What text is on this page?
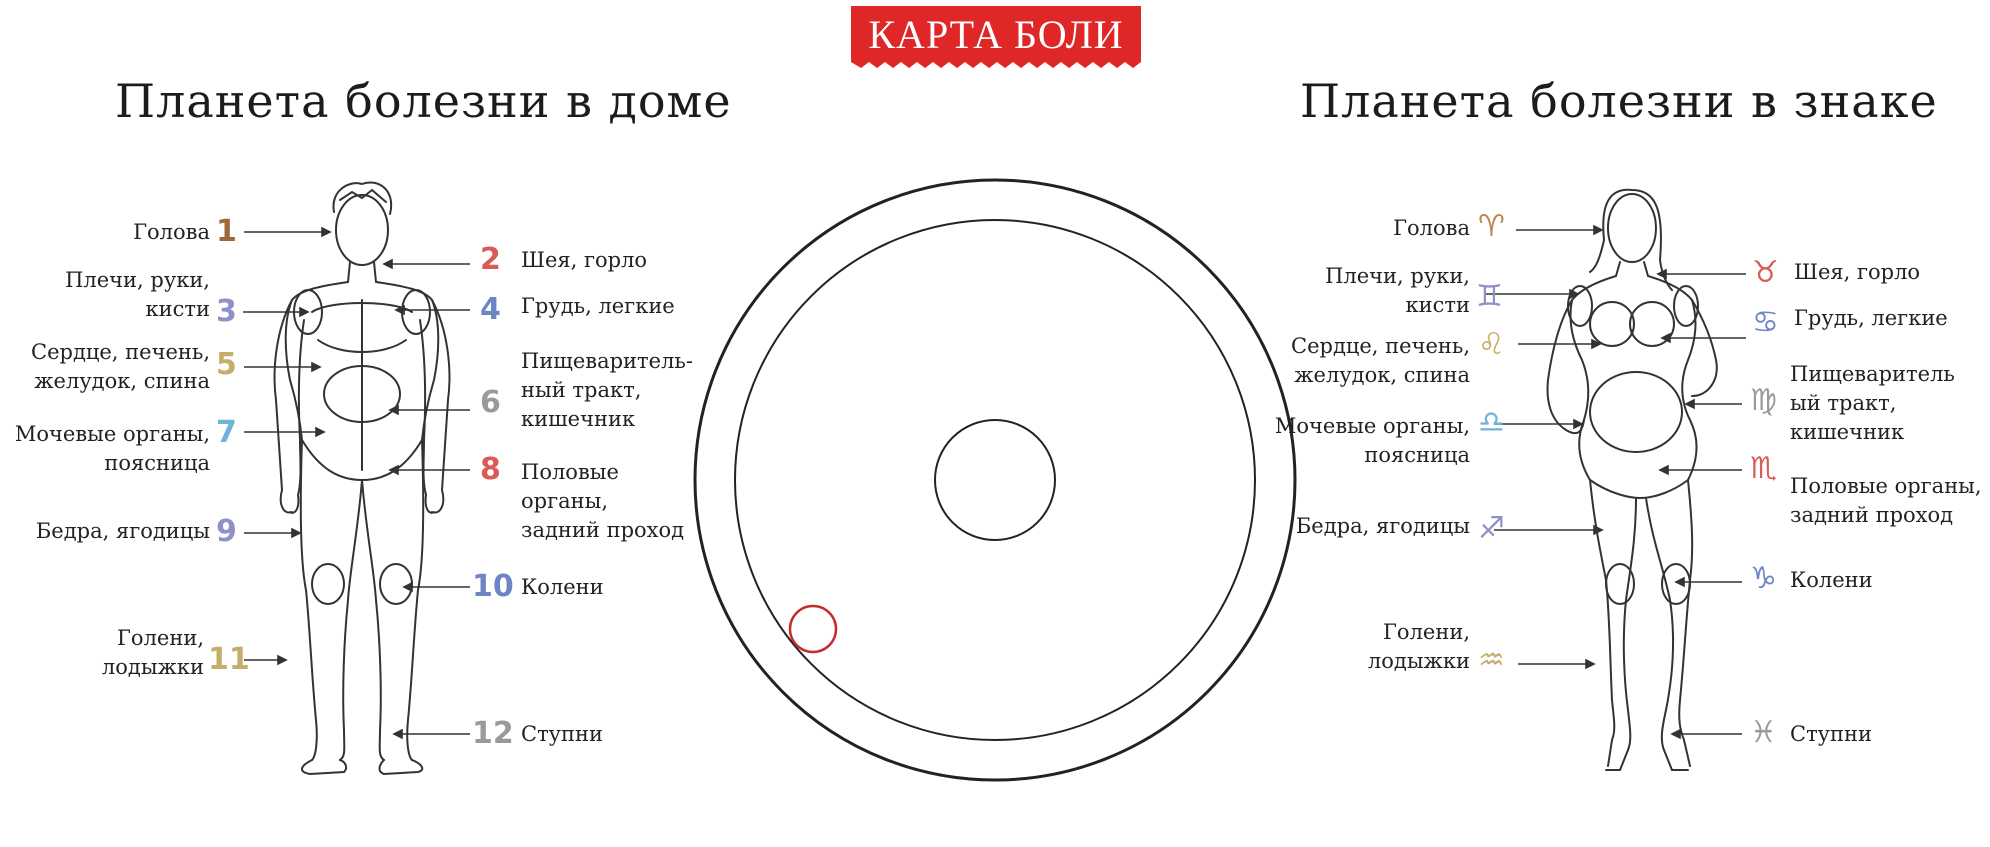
КАРТА БОЛИ
Планета болезни в доме	Планета болезни в знаке
Голова 1
Шея, горло
2
Плечи, руки,
кисти 3	Грудь, легкие
4
Сердце, печень,
желудок, спина 5	Пищеваритель-
ный тракт,
кишечник
6
Мочевые органы,
поясница
7
Половые
органы,
задний проход
8
Бедра, ягодицы 9
Колени
10
Голени,
лодыжки 11
Ступни
12
Голова ♈
Шея, горло
♉
Плечи, руки,
кисти ♊
Грудь, легкие
♋
Сердце, печень,
желудок, спина
♌
Пищеваритель
ый тракт,
кишечник
♍
Мочевые органы,
поясница
♎
Половые органы,
задний проход
♏
Бедра, ягодицы ♐
Колени
♑
Голени,
лодыжки ♒
Ступни
♓
